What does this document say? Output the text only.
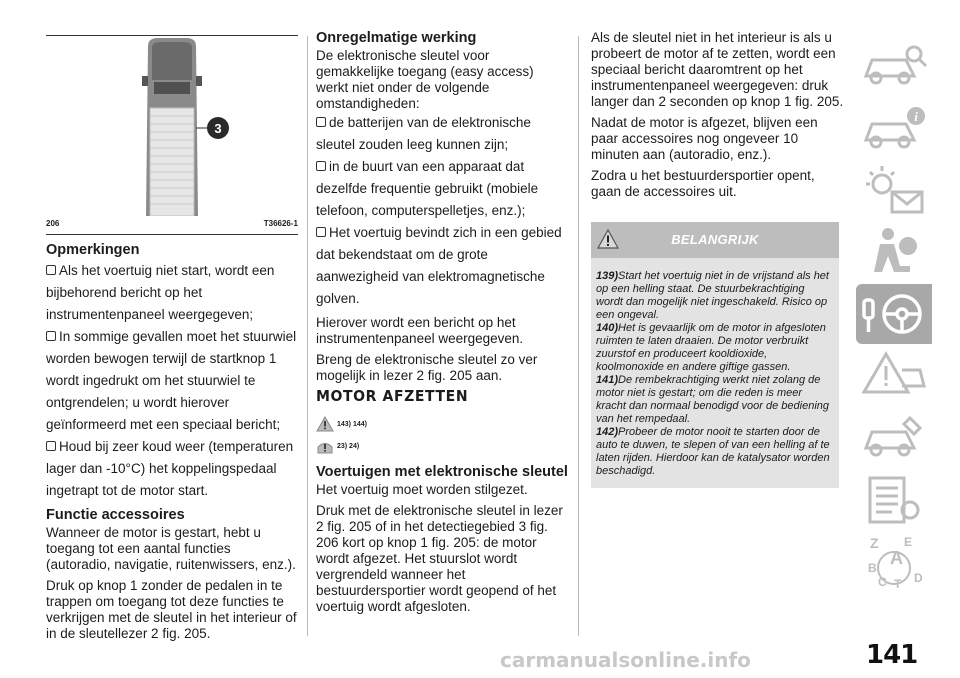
3
206	T36626-1
Opmerkingen
Als het voertuig niet start, wordt een bijbehorend bericht op het instrumentenpaneel weergegeven;
In sommige gevallen moet het stuurwiel worden bewogen terwijl de startknop 1 wordt ingedrukt om het stuurwiel te ontgrendelen; u wordt hierover geïnformeerd met een speciaal bericht;
Houd bij zeer koud weer (temperaturen lager dan -10°C) het koppelingspedaal ingetrapt tot de motor start.
Functie accessoires

Wanneer de motor is gestart, hebt u toegang tot een aantal functies (autoradio, navigatie, ruitenwissers, enz.).

Druk op knop 1 zonder de pedalen in te trappen om toegang tot deze functies te verkrijgen met de sleutel in het interieur of in de sleutellezer 2 fig. 205.

Onregelmatige werking

De elektronische sleutel voor gemakkelijke toegang (easy access) werkt niet onder de volgende omstandigheden:

de batterijen van de elektronische sleutel zouden leeg kunnen zijn;
in de buurt van een apparaat dat dezelfde frequentie gebruikt (mobiele telefoon, computerspelletjes, enz.);
Het voertuig bevindt zich in een gebied dat bekendstaat om de grote aanwezigheid van elektromagnetische golven.

Hierover wordt een bericht op het instrumentenpaneel weergegeven.

Breng de elektronische sleutel zo ver mogelijk in lezer 2 fig. 205 aan.

MOTOR AFZETTEN
143) 144)
23) 24)
Voertuigen met elektronische sleutel

Het voertuig moet worden stilgezet.

Druk met de elektronische sleutel in lezer 2 fig. 205 of in het detectiegebied 3 fig. 206 kort op knop 1 fig. 205: de motor wordt afgezet. Het stuurslot wordt vergrendeld wanneer het bestuurdersportier wordt geopend of het voertuig wordt afgesloten.

Als de sleutel niet in het interieur is als u probeert de motor af te zetten, wordt een speciaal bericht daaromtrent op het instrumentenpaneel weergegeven: druk langer dan 2 seconden op knop 1 fig. 205.

Nadat de motor is afgezet, blijven een paar accessoires nog ongeveer 10 minuten aan (autoradio, enz.).

Zodra u het bestuurdersportier opent, gaan de accessoires uit.

BELANGRIJK

139)Start het voertuig niet in de vrijstand als het op een helling staat. De stuurbekrachtiging wordt dan mogelijk niet ingeschakeld. Risico op een ongeval.

140)Het is gevaarlijk om de motor in afgesloten ruimten te laten draaien. De motor verbruikt zuurstof en produceert kooldioxide, koolmonoxide en andere giftige gassen.

141)De rembekrachtiging werkt niet zolang de motor niet is gestart; om die reden is meer kracht dan normaal benodigd voor de bediening van het rempedaal.

142)Probeer de motor nooit te starten door de auto te duwen, te slepen of van een helling af te laten rijden. Hierdoor kan de katalysator worden beschadigd.

i
Z E
B A
C T D
carmanualsonline.info	141
